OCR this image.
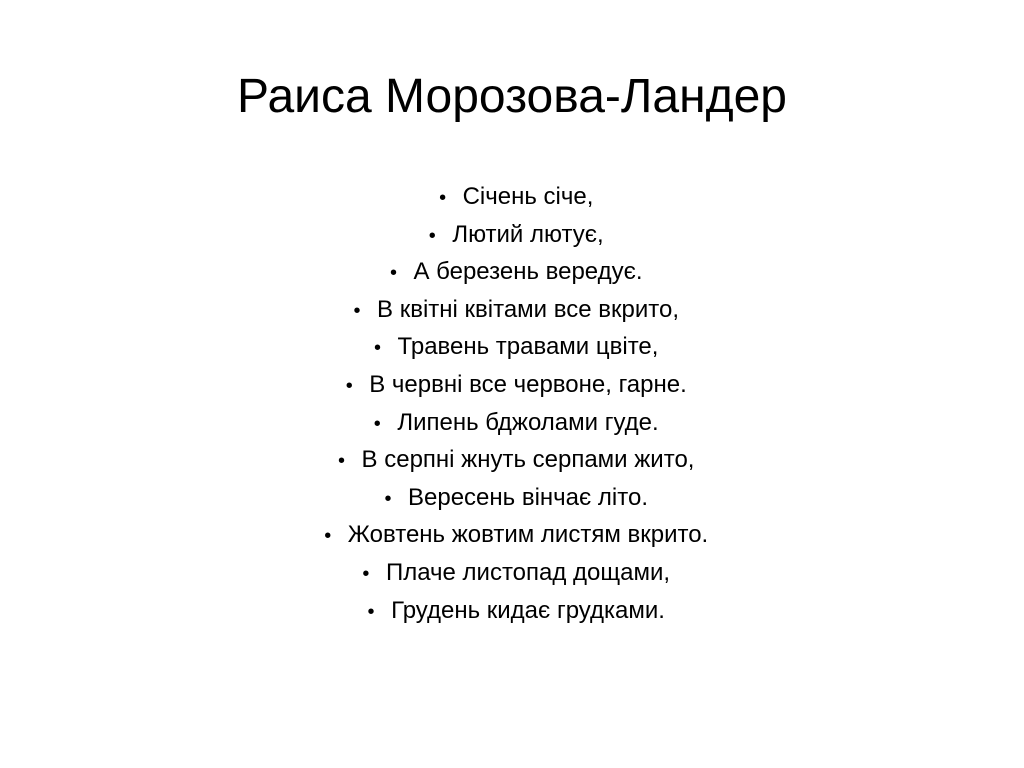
Раиса Морозова-Ландер
• Січень січе,
• Лютий лютує,
• А березень вередує.
• В квітні квітами все вкрито,
• Травень травами цвіте,
• В червні все червоне, гарне.
• Липень бджолами гуде.
• В серпні жнуть серпами жито,
• Вересень вінчає літо.
• Жовтень жовтим листям вкрито.
• Плаче листопад дощами,
• Грудень кидає грудками.
